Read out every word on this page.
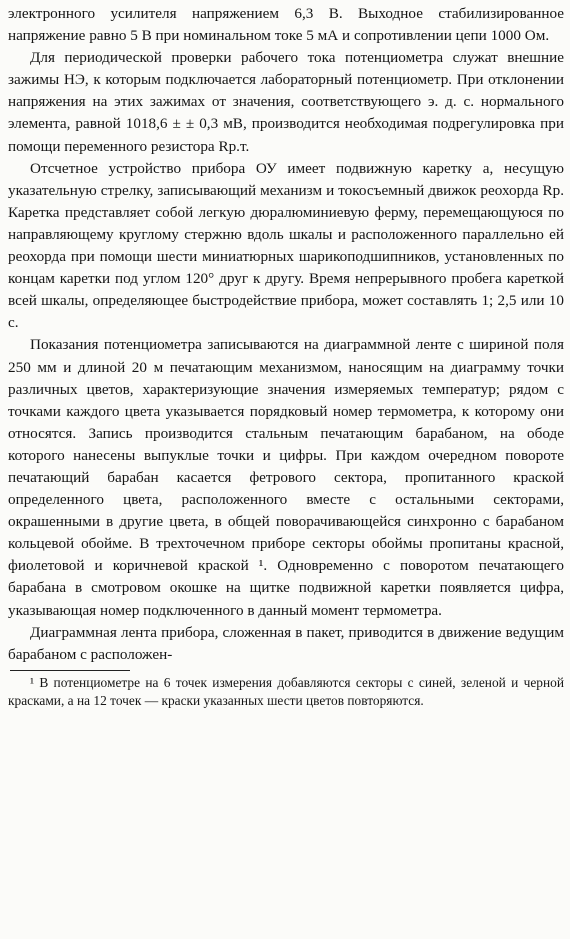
электронного усилителя напряжением 6,3 В. Выходное стабилизированное напряжение равно 5 В при номинальном токе 5 мА и сопротивлении цепи 1000 Ом.

Для периодической проверки рабочего тока потенциометра служат внешние зажимы НЭ, к которым подключается лабораторный потенциометр. При отклонении напряжения на этих зажимах от значения, соответствующего э. д. с. нормального элемента, равной 1018,6 ± ± 0,3 мВ, производится необходимая подрегулировка при помощи переменного резистора Rр.т.

Отсчетное устройство прибора ОУ имеет подвижную каретку а, несущую указательную стрелку, записывающий механизм и токосъемный движок реохорда Rр. Каретка представляет собой легкую дюралюминиевую ферму, перемещающуюся по направляющему круглому стержню вдоль шкалы и расположенного параллельно ей реохорда при помощи шести миниатюрных шарикоподшипников, установленных по концам каретки под углом 120° друг к другу. Время непрерывного пробега кареткой всей шкалы, определяющее быстродействие прибора, может составлять 1; 2,5 или 10 с.

Показания потенциометра записываются на диаграммной ленте с шириной поля 250 мм и длиной 20 м печатающим механизмом, наносящим на диаграмму точки различных цветов, характеризующие значения измеряемых температур; рядом с точками каждого цвета указывается порядковый номер термометра, к которому они относятся. Запись производится стальным печатающим барабаном, на ободе которого нанесены выпуклые точки и цифры. При каждом очередном повороте печатающий барабан касается фетрового сектора, пропитанного краской определенного цвета, расположенного вместе с остальными секторами, окрашенными в другие цвета, в общей поворачивающейся синхронно с барабаном кольцевой обойме. В трехточечном приборе секторы обоймы пропитаны красной, фиолетовой и коричневой краской ¹. Одновременно с поворотом печатающего барабана в смотровом окошке на щитке подвижной каретки появляется цифра, указывающая номер подключенного в данный момент термометра.

Диаграммная лента прибора, сложенная в пакет, приводится в движение ведущим барабаном с расположен-

¹ В потенциометре на 6 точек измерения добавляются секторы с синей, зеленой и черной красками, а на 12 точек — краски указанных шести цветов повторяются.
